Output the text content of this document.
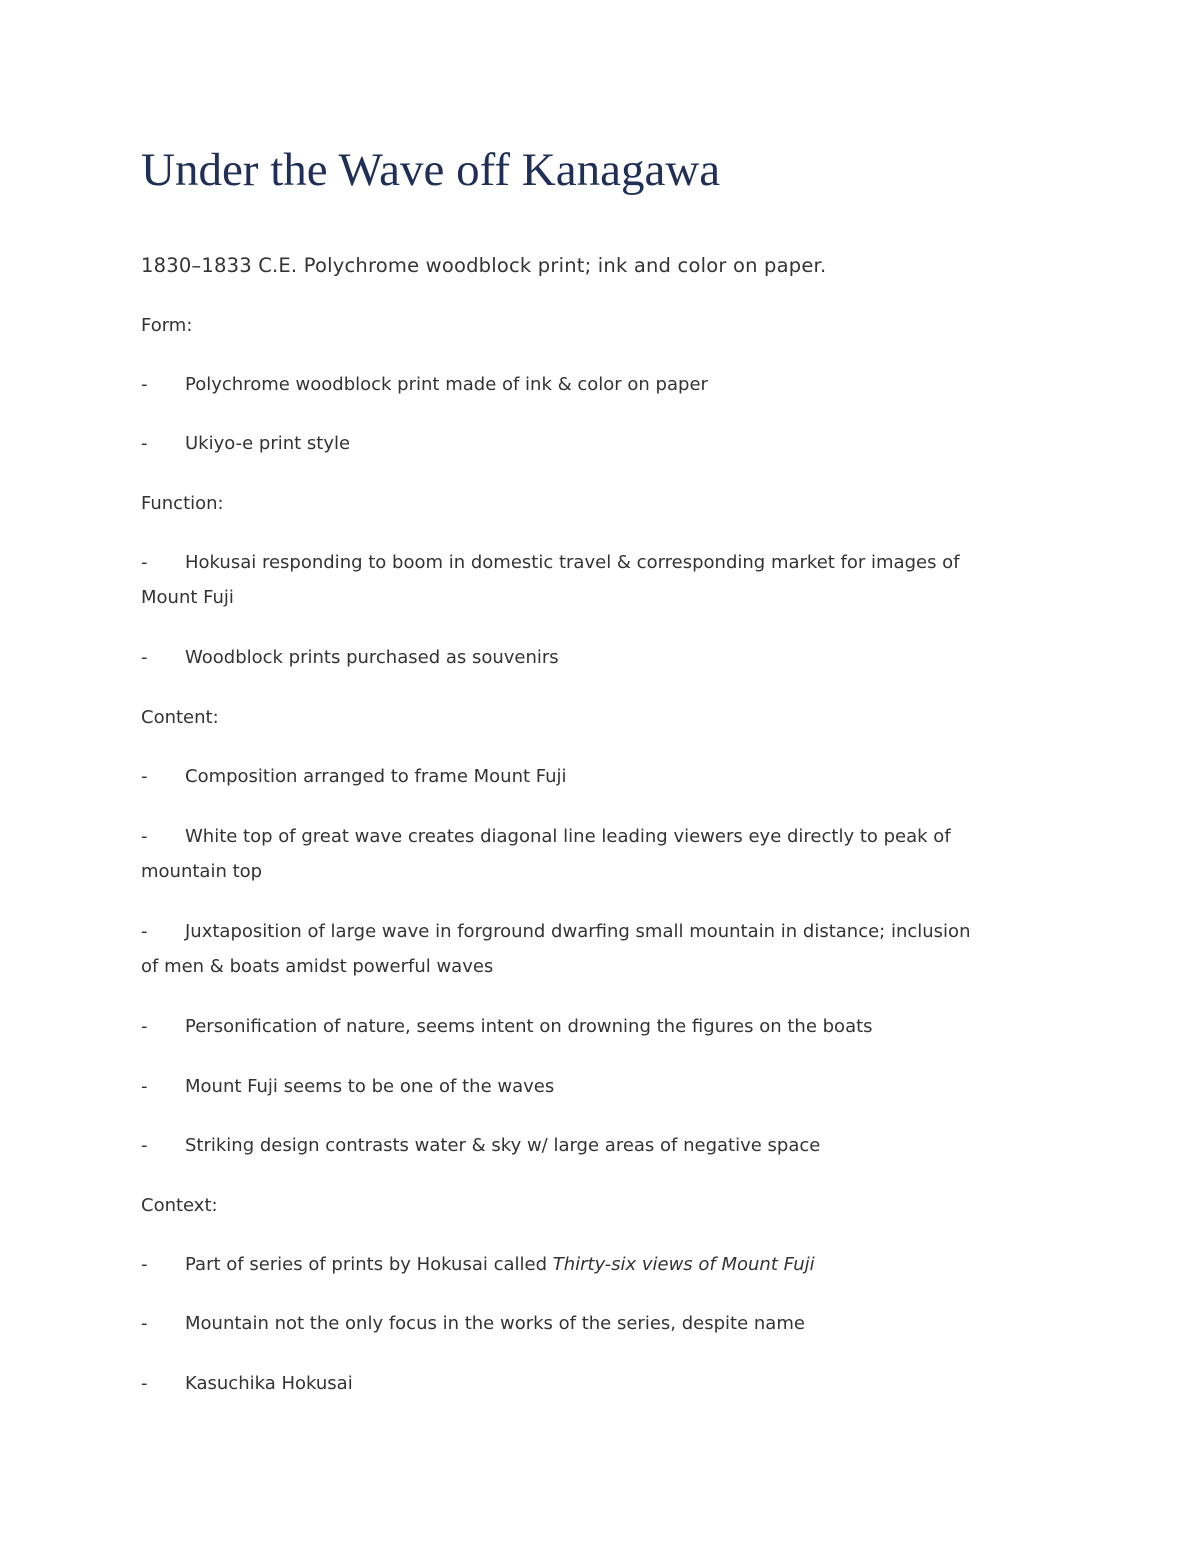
Under the Wave off Kanagawa

1830–1833 C.E. Polychrome woodblock print; ink and color on paper.

Form:

- Polychrome woodblock print made of ink & color on paper

- Ukiyo-e print style

Function:

- Hokusai responding to boom in domestic travel & corresponding market for images of
Mount Fuji

- Woodblock prints purchased as souvenirs

Content:

- Composition arranged to frame Mount Fuji

- White top of great wave creates diagonal line leading viewers eye directly to peak of
mountain top

- Juxtaposition of large wave in forground dwarfing small mountain in distance; inclusion
of men & boats amidst powerful waves

- Personification of nature, seems intent on drowning the figures on the boats

- Mount Fuji seems to be one of the waves

- Striking design contrasts water & sky w/ large areas of negative space

Context:

- Part of series of prints by Hokusai called Thirty-six views of Mount Fuji

- Mountain not the only focus in the works of the series, despite name

- Kasuchika Hokusai
